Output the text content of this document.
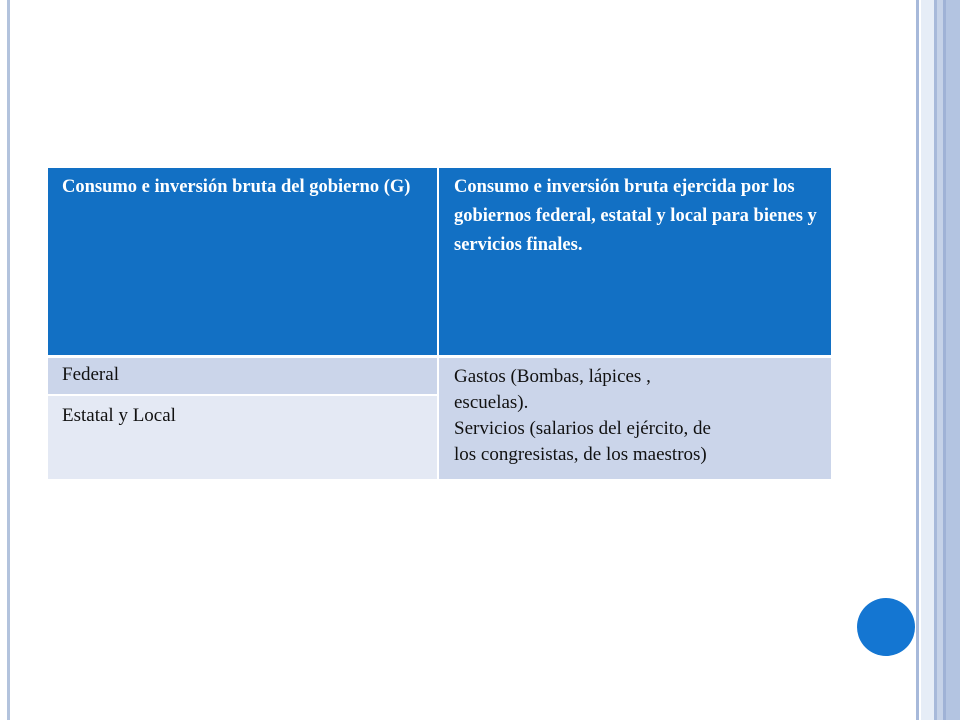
Consumo e inversión bruta del gobierno (G)	Consumo e inversión bruta ejercida por los gobiernos federal, estatal y local para bienes y servicios finales.

Federal	Gastos (Bombas, lápices ,
escuelas).
Servicios (salarios del ejército, de
los congresistas, de los maestros)

Estatal y Local	
